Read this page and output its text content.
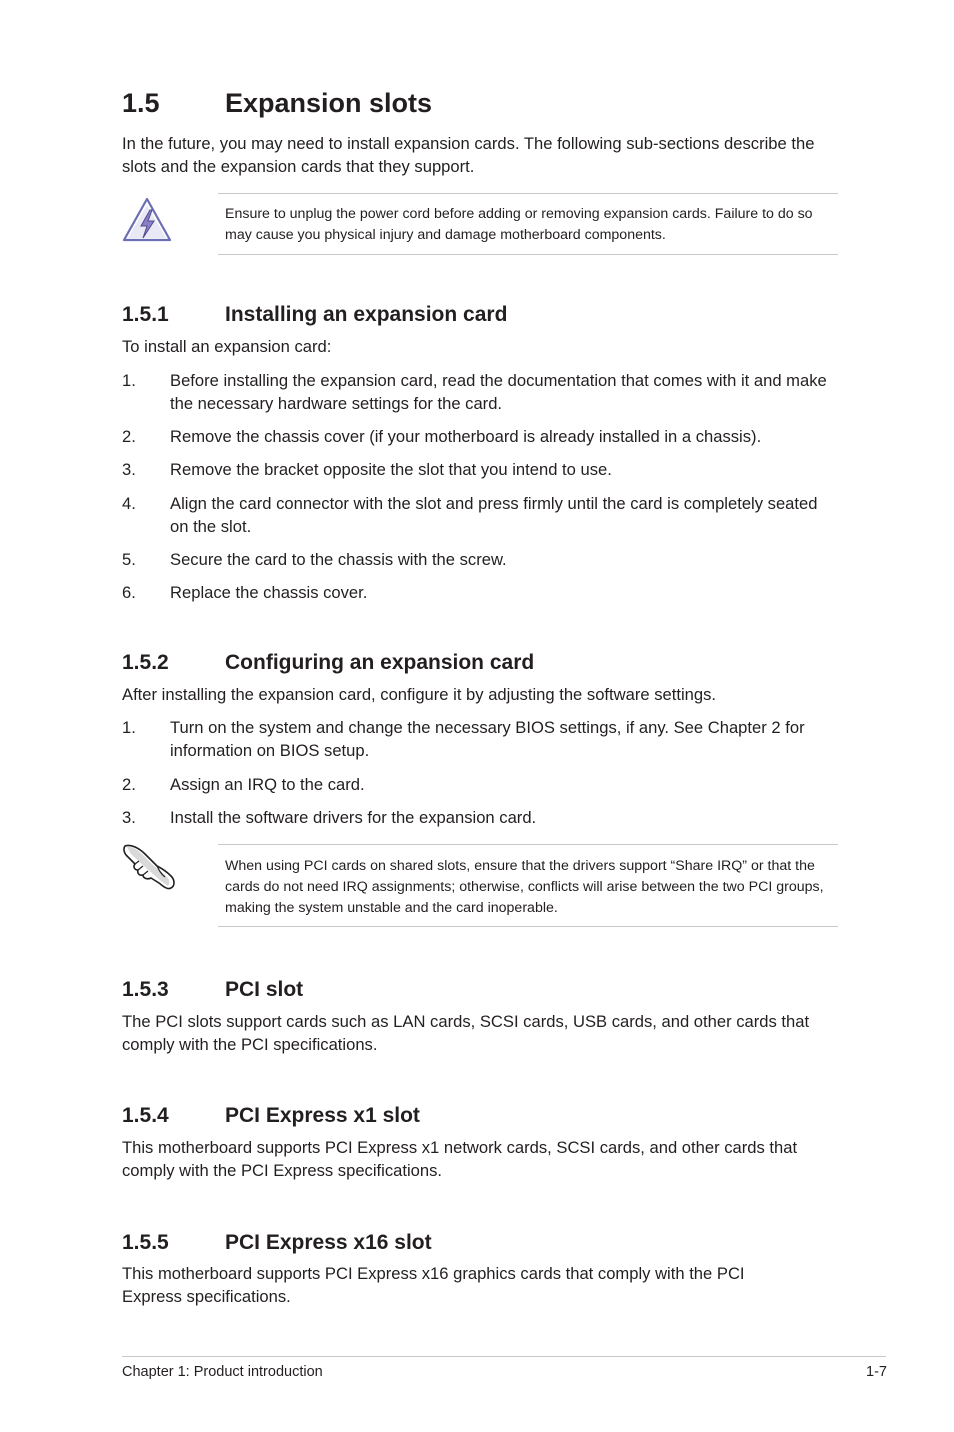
1.5 Expansion slots
In the future, you may need to install expansion cards. The following sub-sections describe the slots and the expansion cards that they support.
Ensure to unplug the power cord before adding or removing expansion cards. Failure to do so may cause you physical injury and damage motherboard components.
1.5.1	Installing an expansion card
To install an expansion card:
1. Before installing the expansion card, read the documentation that comes with it and make the necessary hardware settings for the card.
2. Remove the chassis cover (if your motherboard is already installed in a chassis).
3. Remove the bracket opposite the slot that you intend to use.
4. Align the card connector with the slot and press firmly until the card is completely seated on the slot.
5. Secure the card to the chassis with the screw.
6. Replace the chassis cover.
1.5.2	Configuring an expansion card
After installing the expansion card, configure it by adjusting the software settings.
1. Turn on the system and change the necessary BIOS settings, if any. See Chapter 2 for information on BIOS setup.
2. Assign an IRQ to the card.
3. Install the software drivers for the expansion card.
When using PCI cards on shared slots, ensure that the drivers support “Share IRQ” or that the cards do not need IRQ assignments; otherwise, conflicts will arise between the two PCI groups, making the system unstable and the card inoperable.
1.5.3	PCI slot
The PCI slots support cards such as LAN cards, SCSI cards, USB cards, and other cards that comply with the PCI specifications.
1.5.4	PCI Express x1 slot
This motherboard supports PCI Express x1 network cards, SCSI cards, and other cards that comply with the PCI Express specifications.
1.5.5	PCI Express x16 slot
This motherboard supports PCI Express x16 graphics cards that comply with the PCI Express specifications.
Chapter 1: Product introduction	1-7
